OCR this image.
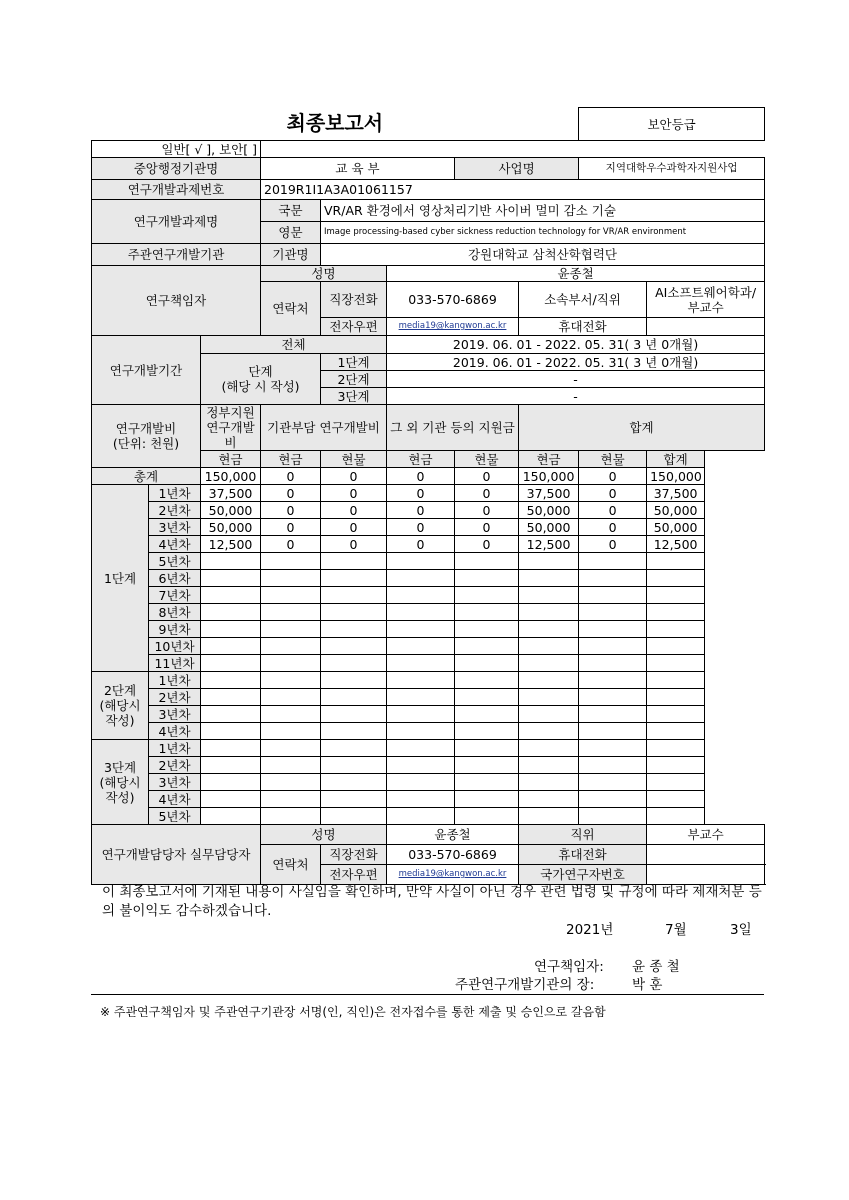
최종보고서								보안등급	

일반[ √ ], 보안[ ]									
중앙행정기관명			교 육 부			사업명		지역대학우수과학자지원사업	
연구개발과제번호			2019R1I1A3A01061157						
연구개발과제명			국문	VR/AR 환경에서 영상처리기반 사이버 멀미 감소 기술					
			영문	Image processing-based cyber sickness reduction technology for VR/AR environment					
주관연구개발기관			기관명	강원대학교 삼척산학협력단					
연구책임자			성명		윤종철				
			연락처	직장전화	033-570-6869		소속부서/직위		AI소프트웨어학과/부교수

				전자우편	media19@kangwon.ac.kr		휴대전화		
연구개발기간		전체			2019. 06. 01 - 2022. 05. 31( 3 년 0개월)				
		단계
(해당 시 작성)		1단계	2019. 06. 01 - 2022. 05. 31( 3 년 0개월)				
				2단계	-				
				3단계	-				
연구개발비
(단위: 천원)		정부지원 연구개발비	기관부담 연구개발비		그 외 기관 등의 지원금		합계		
		현금	현금	현물	현금	현물	현금	현물	합계
총계		150,000	0	0	0	0	150,000	0	150,000
1단계	1년차	37,500	0	0	0	0	37,500	0	37,500
	2년차	50,000	0	0	0	0	50,000	0	50,000
	3년차	50,000	0	0	0	0	50,000	0	50,000
	4년차	12,500	0	0	0	0	12,500	0	12,500
	5년차								
	6년차								
	7년차								
	8년차								
	9년차								
	10년차								
	11년차								
2단계 (해당시 작성)	1년차								
	2년차								
	3년차								
	4년차								
3단계 (해당시 작성)	1년차								
	2년차								
	3년차								
	4년차								
	5년차								
연구개발담당자 실무담당자			성명		윤종철		직위		부교수
			연락처	직장전화	033-570-6869		휴대전화		
				전자우편	media19@kangwon.ac.kr		국가연구자번호		
이 최종보고서에 기재된 내용이 사실임을 확인하며, 만약 사실이 아닌 경우 관련 법령 및 규정에 따라 제재처분 등의 불이익도 감수하겠습니다.
2021년	7월	3일
연구책임자: 윤 종 철
주관연구개발기관의 장:	박 훈
※ 주관연구책임자 및 주관연구기관장 서명(인, 직인)은 전자접수를 통한 제출 및 승인으로 갈음함
